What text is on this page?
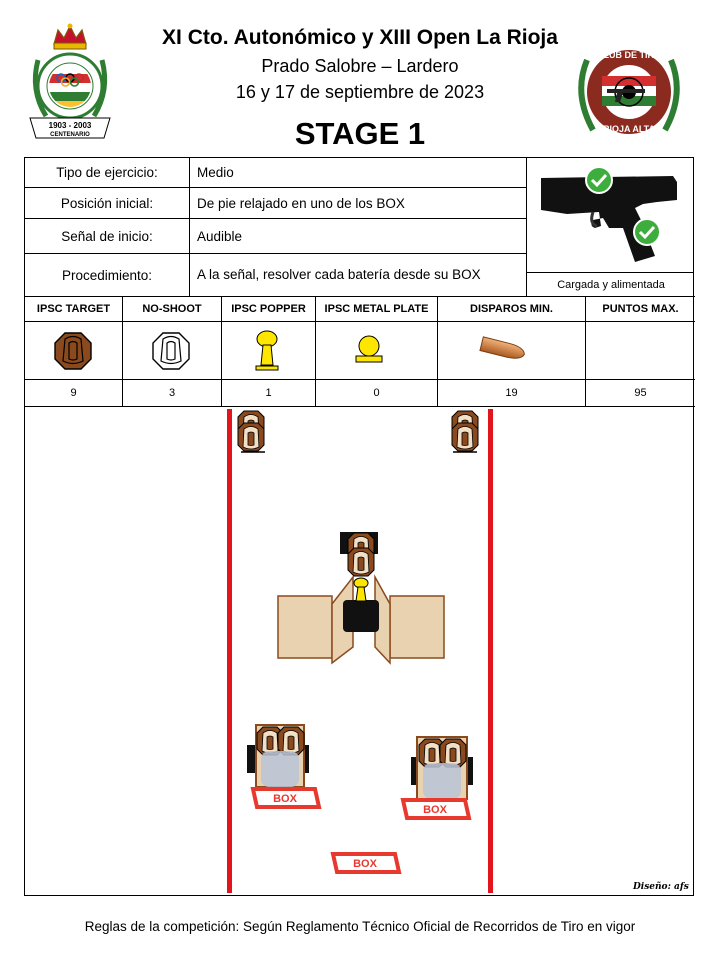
XI Cto. Autonómico y XIII Open La Rioja
Prado Salobre – Lardero
16 y 17 de septiembre de 2023
STAGE 1
1903 - 2003
CENTENARIO
CLUB DE TIRO
RIOJA ALTA
Tipo de ejercicio:	Medio
Posición inicial:	De pie relajado en uno de los BOX
Señal de inicio:	Audible
Procedimiento:	A la señal, resolver cada batería desde su BOX
Cargada y alimentada
IPSC TARGET	NO-SHOOT	IPSC POPPER	IPSC METAL PLATE	DISPAROS MIN.	PUNTOS MAX.
9	3	1	0	19	95
BOX
BOX
BOX
Diseño: afs
Reglas de la competición: Según Reglamento Técnico Oficial de Recorridos de Tiro en vigor
